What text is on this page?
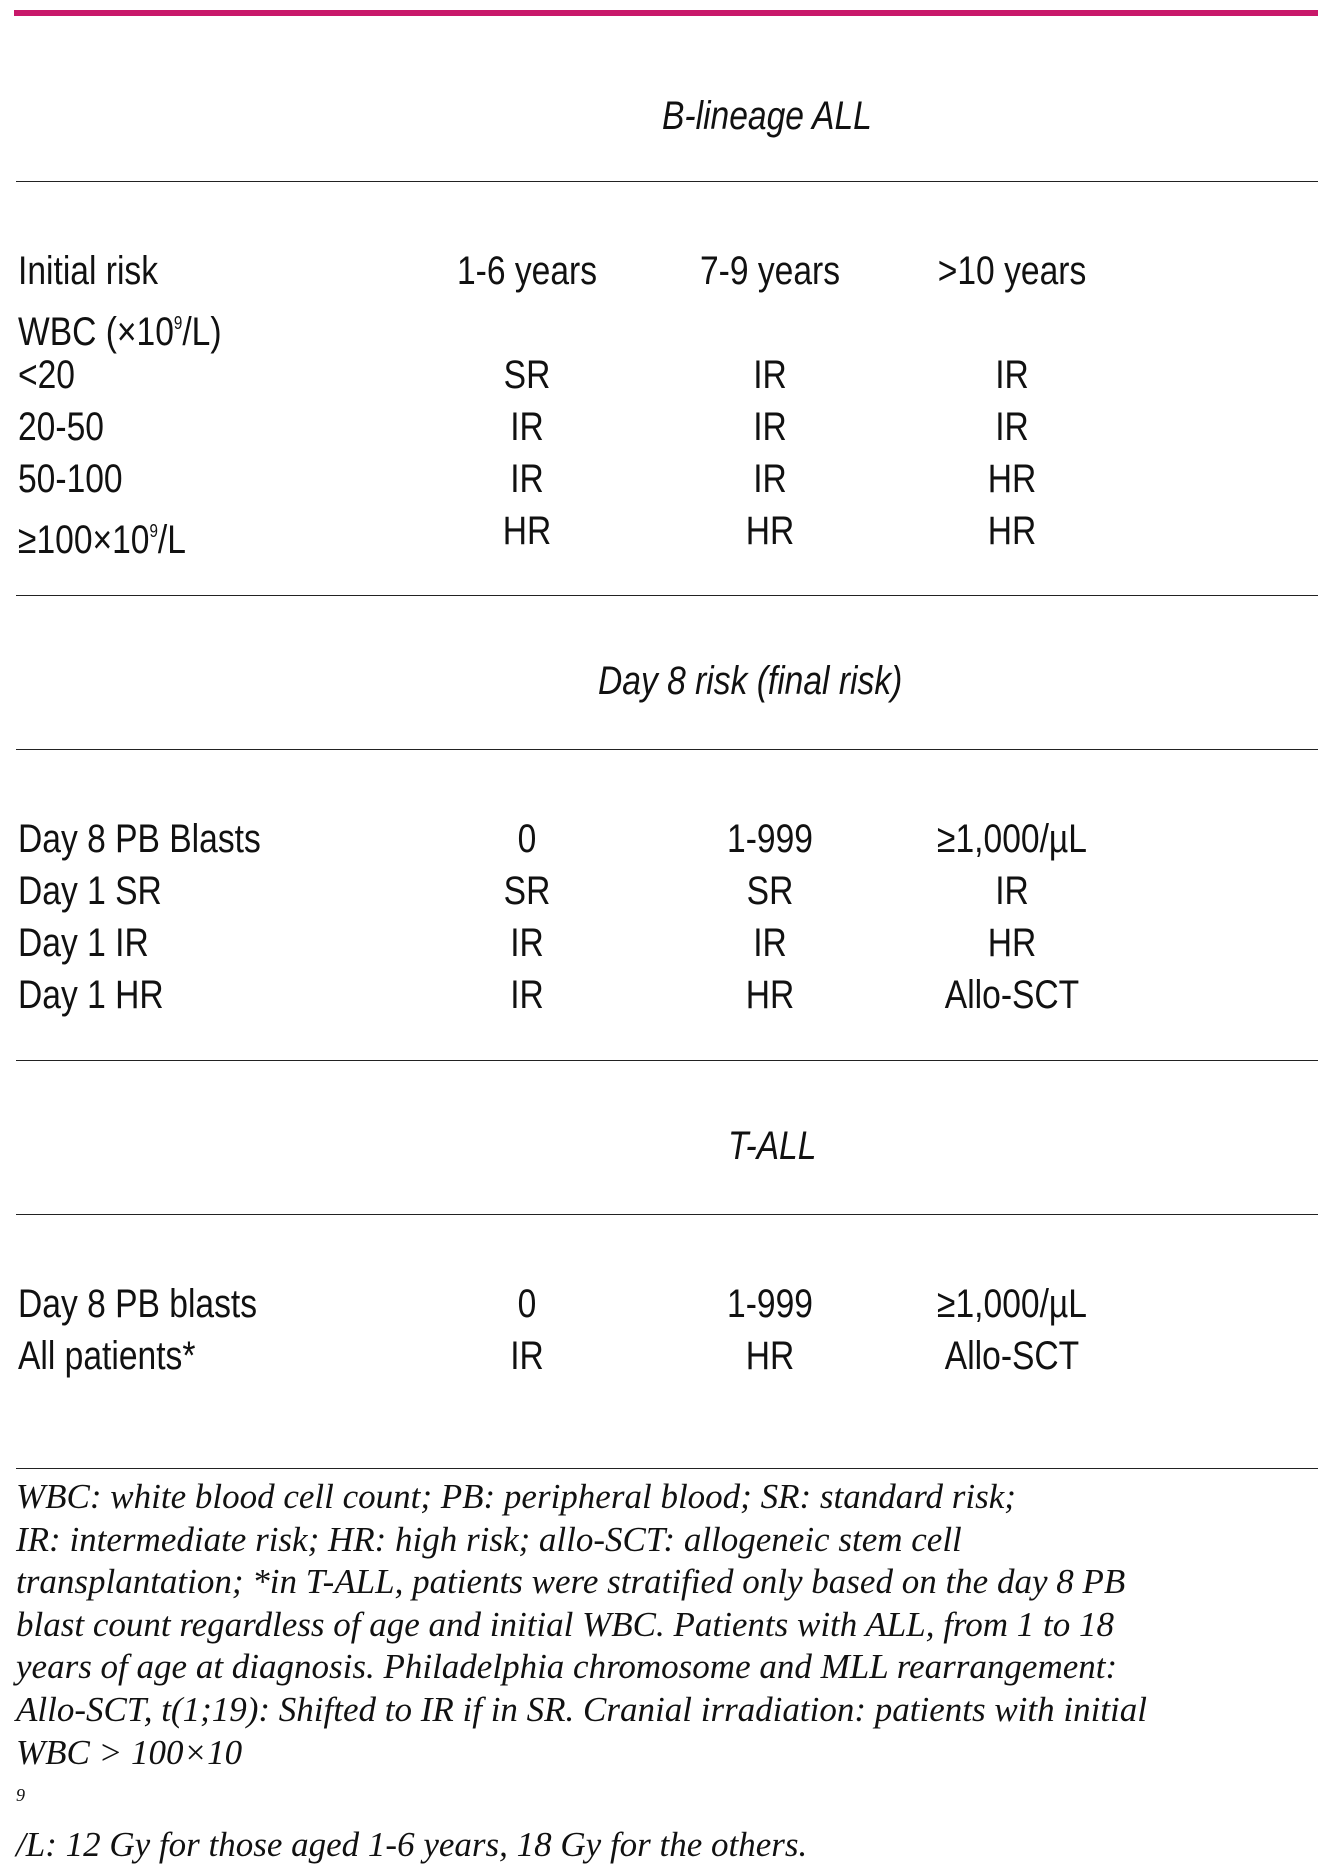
B-lineage ALL
Initial risk	1-6 years	7-9 years >10 years
WBC $(\times 10^9/L)$
<20	SR	IR	IR
20-50	IR	IR	IR
50-100	IR	IR	HR
$\ge 100\times 10^9/L$	HR	HR	HR
Day 8 risk (final risk)
Day 8 PB Blasts	0	1-999	≥1,000/µL
Day 1 SR	SR	SR	IR
Day 1 IR	IR	IR	HR
Day 1 HR	IR	HR	Allo-SCT
T-ALL
Day 8 PB blasts	0	1-999	≥1,000/µL
All patients*	IR	HR	Allo-SCT
WBC: white blood cell count; PB: peripheral blood; SR: standard risk;
IR: intermediate risk; HR: high risk; allo-SCT: allogeneic stem cell
transplantation; *in T-ALL, patients were stratified only based on the day 8 PB
blast count regardless of age and initial WBC. Patients with ALL, from 1 to 18
years of age at diagnosis. Philadelphia chromosome and MLL rearrangement:
Allo-SCT, t(1;19): Shifted to IR if in SR. Cranial irradiation: patients with initial
WBC > 100×10
$^9$
/L: 12 Gy for those aged 1-6 years, 18 Gy for the others.
